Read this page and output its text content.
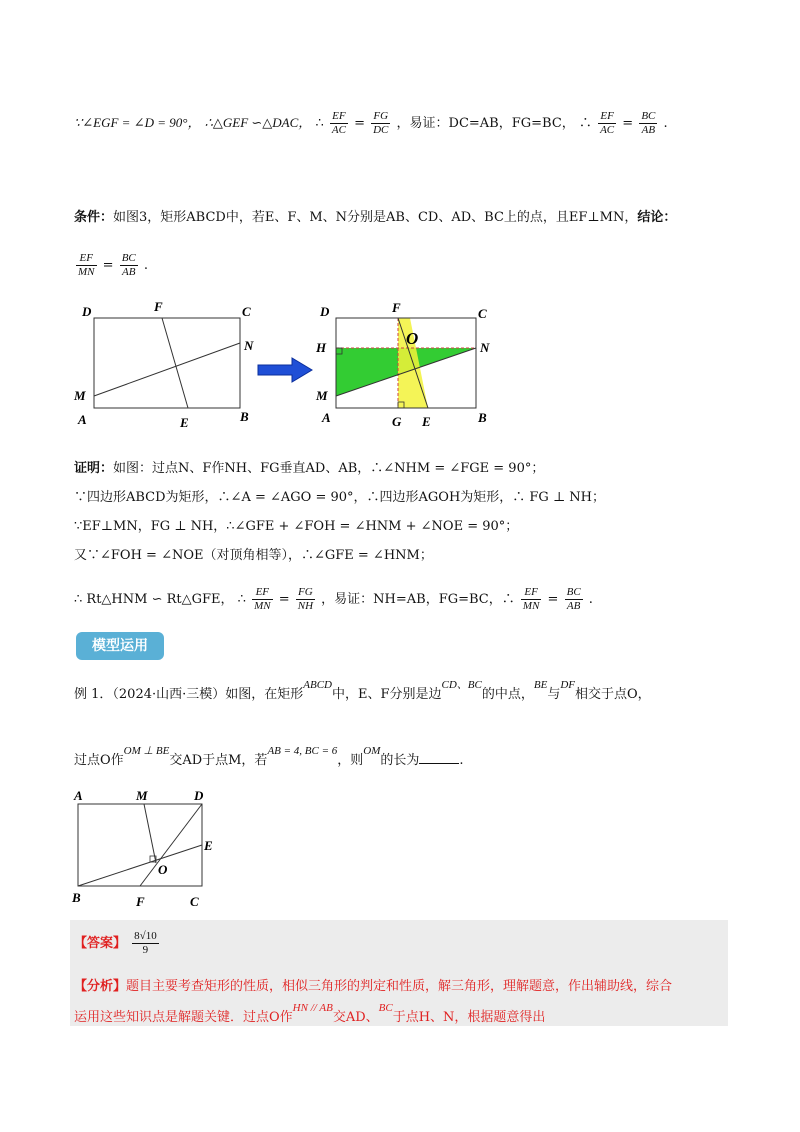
∵∠EGF = ∠D = 90°， ∴△GEF ∽△DAC， ∴ $\frac{EF}{AC} = \frac{FG}{DC}$ ，易证：DC=AB，FG=BC， ∴ $\frac{EF}{AC} = \frac{BC}{AB}$ .
条件：如图3，矩形ABCD中，若E、F、M、N分别是AB、CD、AD、BC上的点，且EF⊥MN，结论：
$\frac{EF}{MN} = \frac{BC}{AB}$ .
D	F	C
N
M
A	E	B
F	C
D
H	O	N
M
A	G E	B
证明：如图：过点N、F作NH、FG垂直AD、AB，∴∠NHM = ∠FGE = 90°；
∵四边形ABCD为矩形，∴∠A = ∠AGO = 90°，∴四边形AGOH为矩形，∴ FG ⊥ NH；
∵EF⊥MN，FG ⊥ NH，∴∠GFE + ∠FOH = ∠HNM + ∠NOE = 90°；
又∵∠FOH = ∠NOE（对顶角相等），∴∠GFE = ∠HNM；
∴ Rt△HNM ∽ Rt△GFE， ∴ $\frac{EF}{MN} = \frac{FG}{NH}$ ，易证：NH=AB，FG=BC，∴ $\frac{EF}{MN} = \frac{BC}{AB}$ .
模型运用
例 1．（2024·山西·三模）如图，在矩形$^{ABCD}$中，E、F分别是边$^{CD、BC}$的中点，$^{BE}$与$^{DF}$相交于点O，
过点O作$^{OM \perp BE}$交AD于点M，若$^{AB = 4, BC = 6}$，则$^{OM}$的长为	.
A	M	D
E
O
B	F	C
【答案】 $\frac{8√10}{9}$
【分析】题目主要考查矩形的性质，相似三角形的判定和性质，解三角形，理解题意，作出辅助线，综合
运用这些知识点是解题关键．过点O作$^{HN // AB}$交AD、$^{BC}$于点H、N，根据题意得出
